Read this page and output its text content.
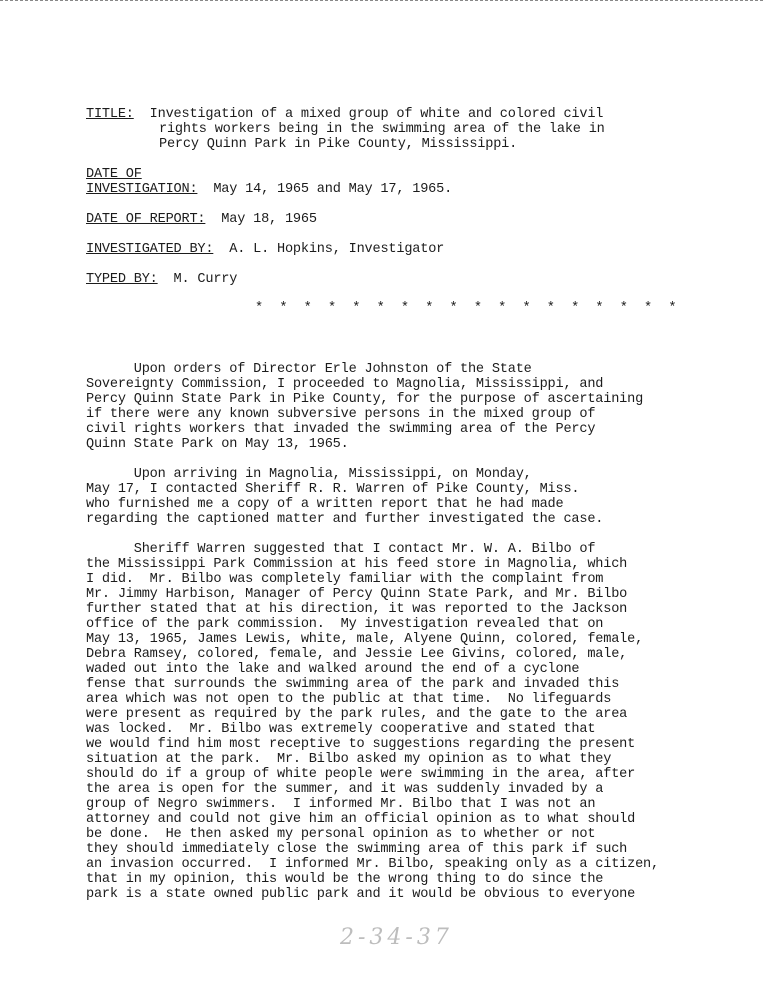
TITLE: Investigation of a mixed group of white and colored civil
rights workers being in the swimming area of the lake in
Percy Quinn Park in Pike County, Mississippi.
DATE OF
INVESTIGATION: May 14, 1965 and May 17, 1965.
DATE OF REPORT: May 18, 1965
INVESTIGATED BY: A. L. Hopkins, Investigator
TYPED BY: M. Curry
* * * * * * * * * * * * * * * * * *

Upon orders of Director Erle Johnston of the State
Sovereignty Commission, I proceeded to Magnolia, Mississippi, and
Percy Quinn State Park in Pike County, for the purpose of ascertaining
if there were any known subversive persons in the mixed group of
civil rights workers that invaded the swimming area of the Percy
Quinn State Park on May 13, 1965.

Upon arriving in Magnolia, Mississippi, on Monday,
May 17, I contacted Sheriff R. R. Warren of Pike County, Miss.
who furnished me a copy of a written report that he had made
regarding the captioned matter and further investigated the case.

Sheriff Warren suggested that I contact Mr. W. A. Bilbo of
the Mississippi Park Commission at his feed store in Magnolia, which
I did.  Mr. Bilbo was completely familiar with the complaint from
Mr. Jimmy Harbison, Manager of Percy Quinn State Park, and Mr. Bilbo
further stated that at his direction, it was reported to the Jackson
office of the park commission.  My investigation revealed that on
May 13, 1965, James Lewis, white, male, Alyene Quinn, colored, female,
Debra Ramsey, colored, female, and Jessie Lee Givins, colored, male,
waded out into the lake and walked around the end of a cyclone
fense that surrounds the swimming area of the park and invaded this
area which was not open to the public at that time.  No lifeguards
were present as required by the park rules, and the gate to the area
was locked.  Mr. Bilbo was extremely cooperative and stated that
we would find him most receptive to suggestions regarding the present
situation at the park.  Mr. Bilbo asked my opinion as to what they
should do if a group of white people were swimming in the area, after
the area is open for the summer, and it was suddenly invaded by a
group of Negro swimmers.  I informed Mr. Bilbo that I was not an
attorney and could not give him an official opinion as to what should
be done.  He then asked my personal opinion as to whether or not
they should immediately close the swimming area of this park if such
an invasion occurred.  I informed Mr. Bilbo, speaking only as a citizen,
that in my opinion, this would be the wrong thing to do since the
park is a state owned public park and it would be obvious to everyone

2-34-37
